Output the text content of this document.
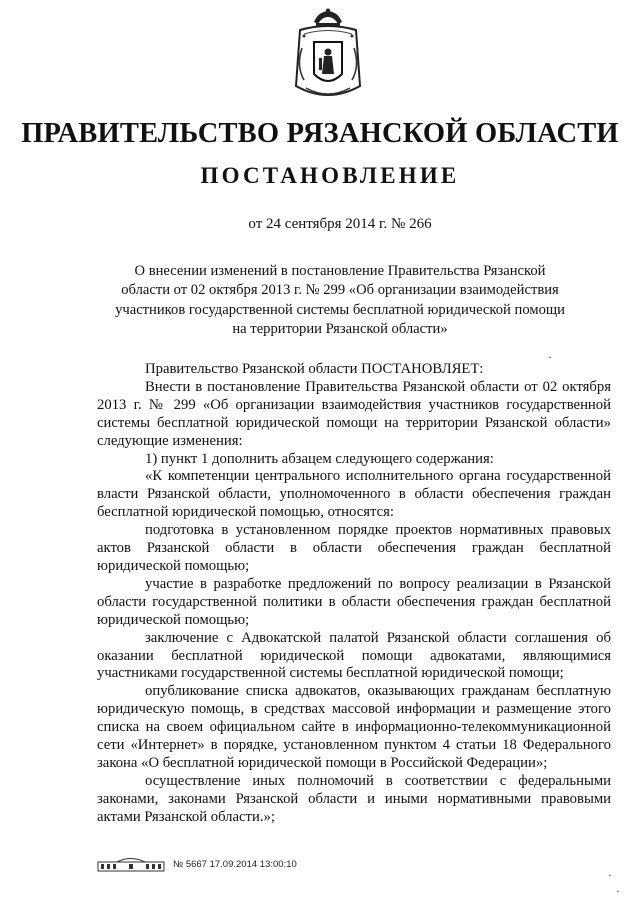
ПРАВИТЕЛЬСТВО РЯЗАНСКОЙ ОБЛАСТИ
ПОСТАНОВЛЕНИЕ
от 24 сентября 2014 г. № 266
О внесении изменений в постановление Правительства Рязанской области от 02 октября 2013 г. № 299 «Об организации взаимодействия участников государственной системы бесплатной юридической помощи на территории Рязанской области»

Правительство Рязанской области ПОСТАНОВЛЯЕТ:

Внести в постановление Правительства Рязанской области от 02 октября 2013 г. № 299 «Об организации взаимодействия участников государственной системы бесплатной юридической помощи на территории Рязанской области» следующие изменения:

1) пункт 1 дополнить абзацем следующего содержания:

«К компетенции центрального исполнительного органа государственной власти Рязанской области, уполномоченного в области обеспечения граждан бесплатной юридической помощью, относятся:

подготовка в установленном порядке проектов нормативных правовых актов Рязанской области в области обеспечения граждан бесплатной юридической помощью;

участие в разработке предложений по вопросу реализации в Рязанской области государственной политики в области обеспечения граждан бесплатной юридической помощью;

заключение с Адвокатской палатой Рязанской области соглашения об оказании бесплатной юридической помощи адвокатами, являющимися участниками государственной системы бесплатной юридической помощи;

опубликование списка адвокатов, оказывающих гражданам бесплатную юридическую помощь, в средствах массовой информации и размещение этого списка на своем официальном сайте в информационно-телекоммуникационной сети «Интернет» в порядке, установленном пунктом 4 статьи 18 Федерального закона «О бесплатной юридической помощи в Российской Федерации»;

осуществление иных полномочий в соответствии с федеральными законами, законами Рязанской области и иными нормативными правовыми актами Рязанской области.»;

№ 5667 17.09.2014 13:00:10
·
·
·
